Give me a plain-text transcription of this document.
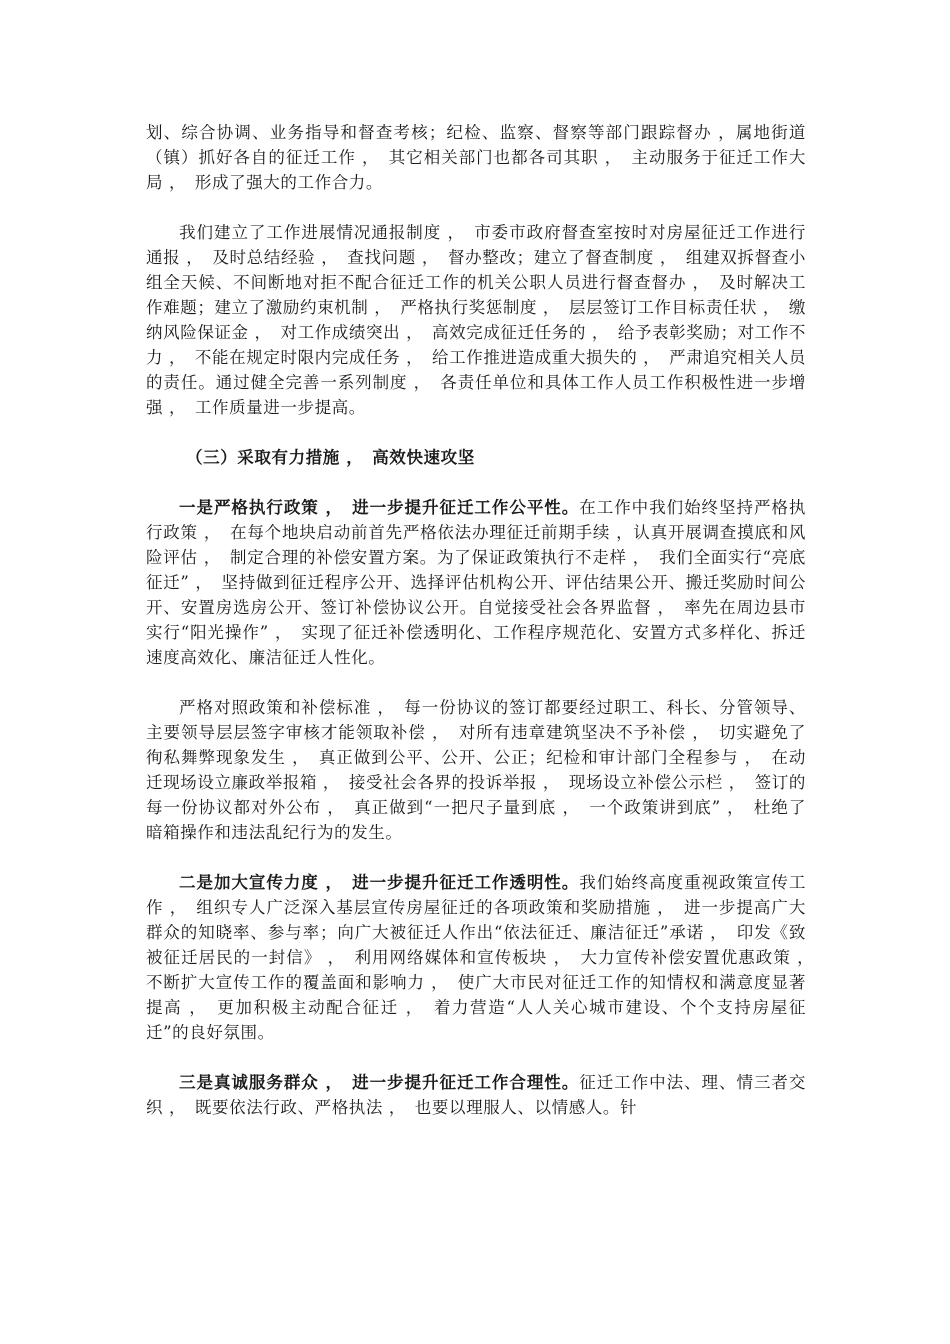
划、综合协调、业务指导和督查考核；纪检、监察、督察等部门跟踪督办 ，属地街道（镇）抓好各自的征迁工作 ，　其它相关部门也都各司其职 ，　主动服务于征迁工作大局 ，　形成了强大的工作合力。

我们建立了工作进展情况通报制度 ，　市委市政府督查室按时对房屋征迁工作进行通报 ，　及时总结经验 ，　查找问题 ，　督办整改；建立了督查制度 ，　组建双拆督查小组全天候、不间断地对拒不配合征迁工作的机关公职人员进行督查督办 ，　及时解决工作难题；建立了激励约束机制 ，　严格执行奖惩制度 ，　层层签订工作目标责任状 ，　缴纳风险保证金 ，　对工作成绩突出 ，　高效完成征迁任务的 ，　给予表彰奖励；对工作不力 ，　不能在规定时限内完成任务 ，　给工作推进造成重大损失的 ，　严肃追究相关人员的责任。通过健全完善一系列制度 ，　各责任单位和具体工作人员工作积极性进一步增强 ，　工作质量进一步提高。

（三）采取有力措施 ，　高效快速攻坚

一是严格执行政策 ，　进一步提升征迁工作公平性。在工作中我们始终坚持严格执行政策 ，　在每个地块启动前首先严格依法办理征迁前期手续 ，认真开展调查摸底和风险评估 ，　制定合理的补偿安置方案。为了保证政策执行不走样 ，　我们全面实行“亮底征迁” ，　坚持做到征迁程序公开、选择评估机构公开、评估结果公开、搬迁奖励时间公开、安置房选房公开、签订补偿协议公开。自觉接受社会各界监督 ，　率先在周边县市实行“阳光操作” ，　实现了征迁补偿透明化、工作程序规范化、安置方式多样化、拆迁速度高效化、廉洁征迁人性化。

严格对照政策和补偿标准 ，　每一份协议的签订都要经过职工、科长、分管领导、主要领导层层签字审核才能领取补偿 ，　对所有违章建筑坚决不予补偿 ，　切实避免了徇私舞弊现象发生 ，　真正做到公平、公开、公正；纪检和审计部门全程参与 ，　在动迁现场设立廉政举报箱 ，　接受社会各界的投诉举报 ，　现场设立补偿公示栏 ，　签订的每一份协议都对外公布 ，　真正做到“一把尺子量到底 ，　一个政策讲到底” ，　杜绝了暗箱操作和违法乱纪行为的发生。

二是加大宣传力度 ，　进一步提升征迁工作透明性。我们始终高度重视政策宣传工作 ，　组织专人广泛深入基层宣传房屋征迁的各项政策和奖励措施 ，　进一步提高广大群众的知晓率、参与率；向广大被征迁人作出“依法征迁、廉洁征迁”承诺 ，　印发《致被征迁居民的一封信》 ，　利用网络媒体和宣传板块 ，　大力宣传补偿安置优惠政策 ，　不断扩大宣传工作的覆盖面和影响力 ，　使广大市民对征迁工作的知情权和满意度显著提高 ，　更加积极主动配合征迁 ，　着力营造“人人关心城市建设、个个支持房屋征迁”的良好氛围。

三是真诚服务群众 ，　进一步提升征迁工作合理性。征迁工作中法、理、情三者交织 ，　既要依法行政、严格执法 ，　也要以理服人、以情感人。针
